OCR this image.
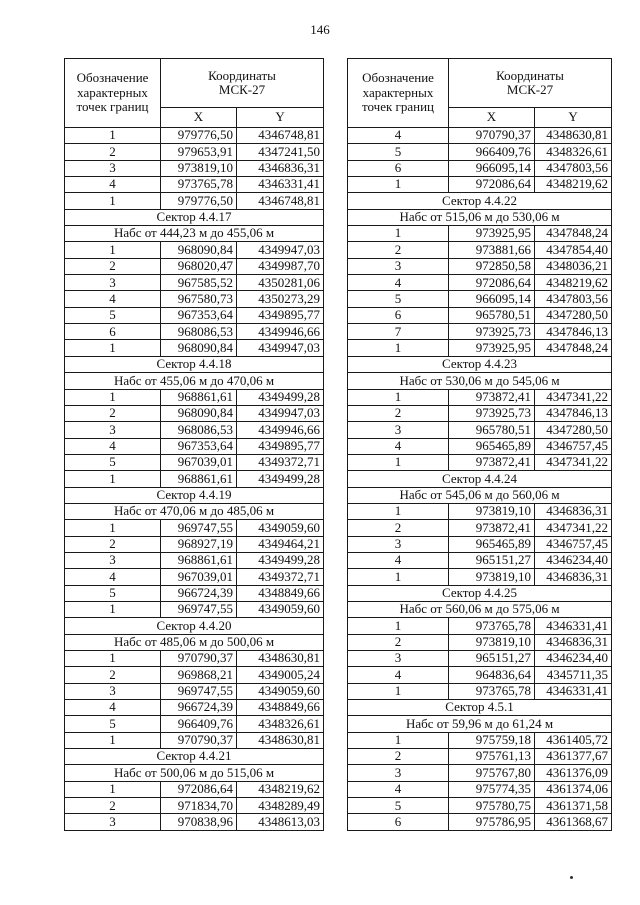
146
Обозначение
характерных
точек границ	Координаты
МСК-27	
	X	Y
1	979776,50	4346748,81
2	979653,91	4347241,50
3	973819,10	4346836,31
4	973765,78	4346331,41
1	979776,50	4346748,81
Сектор 4.4.17		
Набс от 444,23 м до 455,06 м		
1	968090,84	4349947,03
2	968020,47	4349987,70
3	967585,52	4350281,06
4	967580,73	4350273,29
5	967353,64	4349895,77
6	968086,53	4349946,66
1	968090,84	4349947,03
Сектор 4.4.18		
Набс от 455,06 м до 470,06 м		
1	968861,61	4349499,28
2	968090,84	4349947,03
3	968086,53	4349946,66
4	967353,64	4349895,77
5	967039,01	4349372,71
1	968861,61	4349499,28
Сектор 4.4.19		
Набс от 470,06 м до 485,06 м		
1	969747,55	4349059,60
2	968927,19	4349464,21
3	968861,61	4349499,28
4	967039,01	4349372,71
5	966724,39	4348849,66
1	969747,55	4349059,60
Сектор 4.4.20		
Набс от 485,06 м до 500,06 м		
1	970790,37	4348630,81
2	969868,21	4349005,24
3	969747,55	4349059,60
4	966724,39	4348849,66
5	966409,76	4348326,61
1	970790,37	4348630,81
Сектор 4.4.21		
Набс от 500,06 м до 515,06 м		
1	972086,64	4348219,62
2	971834,70	4348289,49
3	970838,96	4348613,03
Обозначение
характерных
точек границ	Координаты
МСК-27	
	X	Y
4	970790,37	4348630,81
5	966409,76	4348326,61
6	966095,14	4347803,56
1	972086,64	4348219,62
Сектор 4.4.22		
Набс от 515,06 м до 530,06 м		
1	973925,95	4347848,24
2	973881,66	4347854,40
3	972850,58	4348036,21
4	972086,64	4348219,62
5	966095,14	4347803,56
6	965780,51	4347280,50
7	973925,73	4347846,13
1	973925,95	4347848,24
Сектор 4.4.23		
Набс от 530,06 м до 545,06 м		
1	973872,41	4347341,22
2	973925,73	4347846,13
3	965780,51	4347280,50
4	965465,89	4346757,45
1	973872,41	4347341,22
Сектор 4.4.24		
Набс от 545,06 м до 560,06 м		
1	973819,10	4346836,31
2	973872,41	4347341,22
3	965465,89	4346757,45
4	965151,27	4346234,40
1	973819,10	4346836,31
Сектор 4.4.25		
Набс от 560,06 м до 575,06 м		
1	973765,78	4346331,41
2	973819,10	4346836,31
3	965151,27	4346234,40
4	964836,64	4345711,35
1	973765,78	4346331,41
Сектор 4.5.1		
Набс от 59,96 м до 61,24 м		
1	975759,18	4361405,72
2	975761,13	4361377,67
3	975767,80	4361376,09
4	975774,35	4361374,06
5	975780,75	4361371,58
6	975786,95	4361368,67
